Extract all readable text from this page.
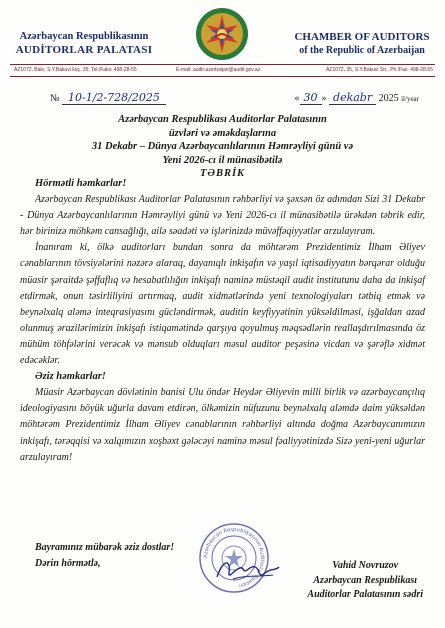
Azərbaycan Respublikasının
AUDİTORLAR PALATASI
CHAMBER OF AUDITORS
of the Republic of Azerbaijan
AZ1072, Bakı, S.Y.Bakuvi küç. 35, Tel./Faks: 498-28-55	E-mail: audit-azerbaijan@audit.gov.az	AZ1072, 35, S.Y.Bakuvi Str., Ph./Fax: 498-28-55
№ 10-1/2-728/2025	« 30 » dekabr 2025 il/year
Azərbaycan Respublikası Auditorlar Palatasının
üzvləri və əməkdaşlarına
31 Dekabr – Dünya Azərbaycanlılarının Həmrəyliyi günü və
Yeni 2026-cı il münasibətilə
TƏBRİK

Hörmətli həmkarlar!

Azərbaycan Respublikası Auditorlar Palatasının rəhbərliyi və şəxsən öz adımdan Sizi 31 Dekabr - Dünya Azərbaycanlılarının Həmrəyliyi günü və Yeni 2026-cı il münasibətilə ürəkdən təbrik edir, hər birinizə möhkəm cansağlığı, ailə səadəti və işlərinizdə müvəffəqiyyətlər arzulayıram.

İnanıram ki, ölkə auditorları bundan sonra da möhtərəm Prezidentimiz İlham Əliyev cənablarının tövsiyələrini nəzərə alaraq, dayanıqlı inkişafın və yaşıl iqtisadiyyatın bərqərar olduğu müasir şəraitdə şəffaflıq və hesabatlılığın inkişafı naminə müstəqil audit institutunu daha da inkişaf etdirmək, onun təsirliliyini artırmaq, audit xidmətlərində yeni texnologiyaları tətbiq etmək və beynəlxalq aləmə inteqrasiyasını gücləndirmək, auditin keyfiyyətinin yüksəldilməsi, işğaldan azad olunmuş ərazilərimizin inkişafı istiqamətində qarşıya qoyulmuş məqsədlərin reallaşdırılmasında öz mühüm töhfələrini verəcək və mənsub olduqları məsul auditor peşəsinə vicdan və şərəflə xidmət edəcəklər.

Əziz həmkarlar!

Müasir Azərbaycan dövlətinin banisi Ulu öndər Heydər Əliyevin milli birlik və azərbaycançılıq ideologiyasını böyük uğurla davam etdirən, ölkəmizin nüfuzunu beynəlxalq aləmdə daim yüksəldən möhtərəm Prezidentimiz İlham Əliyev cənablarının rəhbərliyi altında doğma Azərbaycanımızın inkişafı, tərəqqisi və xalqımızın xoşbəxt gələcəyi naminə məsul fəaliyyətinizdə Sizə yeni-yeni uğurlar arzulayıram!

Azərbaycan Respublikasının Auditorlar Palatası
Bayramınız mübarək əziz dostlar!
Dərin hörmətlə,	Vahid Novruzov
Azərbaycan Respublikası
Auditorlar Palatasının sədri
